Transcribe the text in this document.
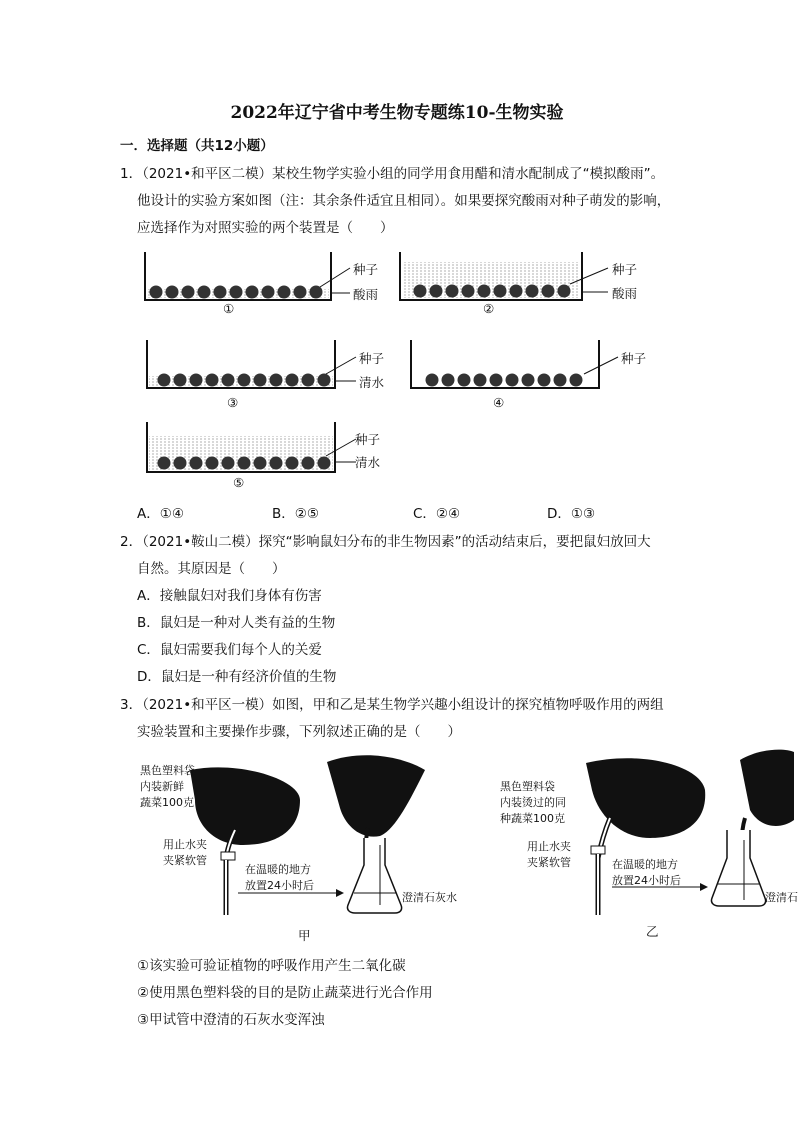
2022年辽宁省中考生物专题练10-生物实验
一．选择题（共12小题）
1．（2021•和平区二模）某校生物学实验小组的同学用食用醋和清水配制成了“模拟酸雨”。
他设计的实验方案如图（注：其余条件适宜且相同）。如果要探究酸雨对种子萌发的影响，
应选择作为对照实验的两个装置是（　　）
种子
酸雨
①
种子
酸雨
②
种子
清水
③
种子
④
种子
清水
⑤
A．①④	B．②⑤	C．②④	D．①③
2．（2021•鞍山二模）探究“影响鼠妇分布的非生物因素”的活动结束后，要把鼠妇放回大
自然。其原因是（　　）
A．接触鼠妇对我们身体有伤害
B．鼠妇是一种对人类有益的生物
C．鼠妇需要我们每个人的关爱
D．鼠妇是一种有经济价值的生物
3．（2021•和平区一模）如图，甲和乙是某生物学兴趣小组设计的探究植物呼吸作用的两组
实验装置和主要操作步骤，下列叙述正确的是（　　）
黑色塑料袋
内装新鲜
蔬菜100克
用止水夹
夹紧软管
在温暖的地方
放置24小时后
澄清石灰水
甲
黑色塑料袋
内装烫过的同
种蔬菜100克
用止水夹
夹紧软管	在温暖的地方
放置24小时后
澄清石
乙
①该实验可验证植物的呼吸作用产生二氧化碳
②使用黑色塑料袋的目的是防止蔬菜进行光合作用
③甲试管中澄清的石灰水变浑浊
